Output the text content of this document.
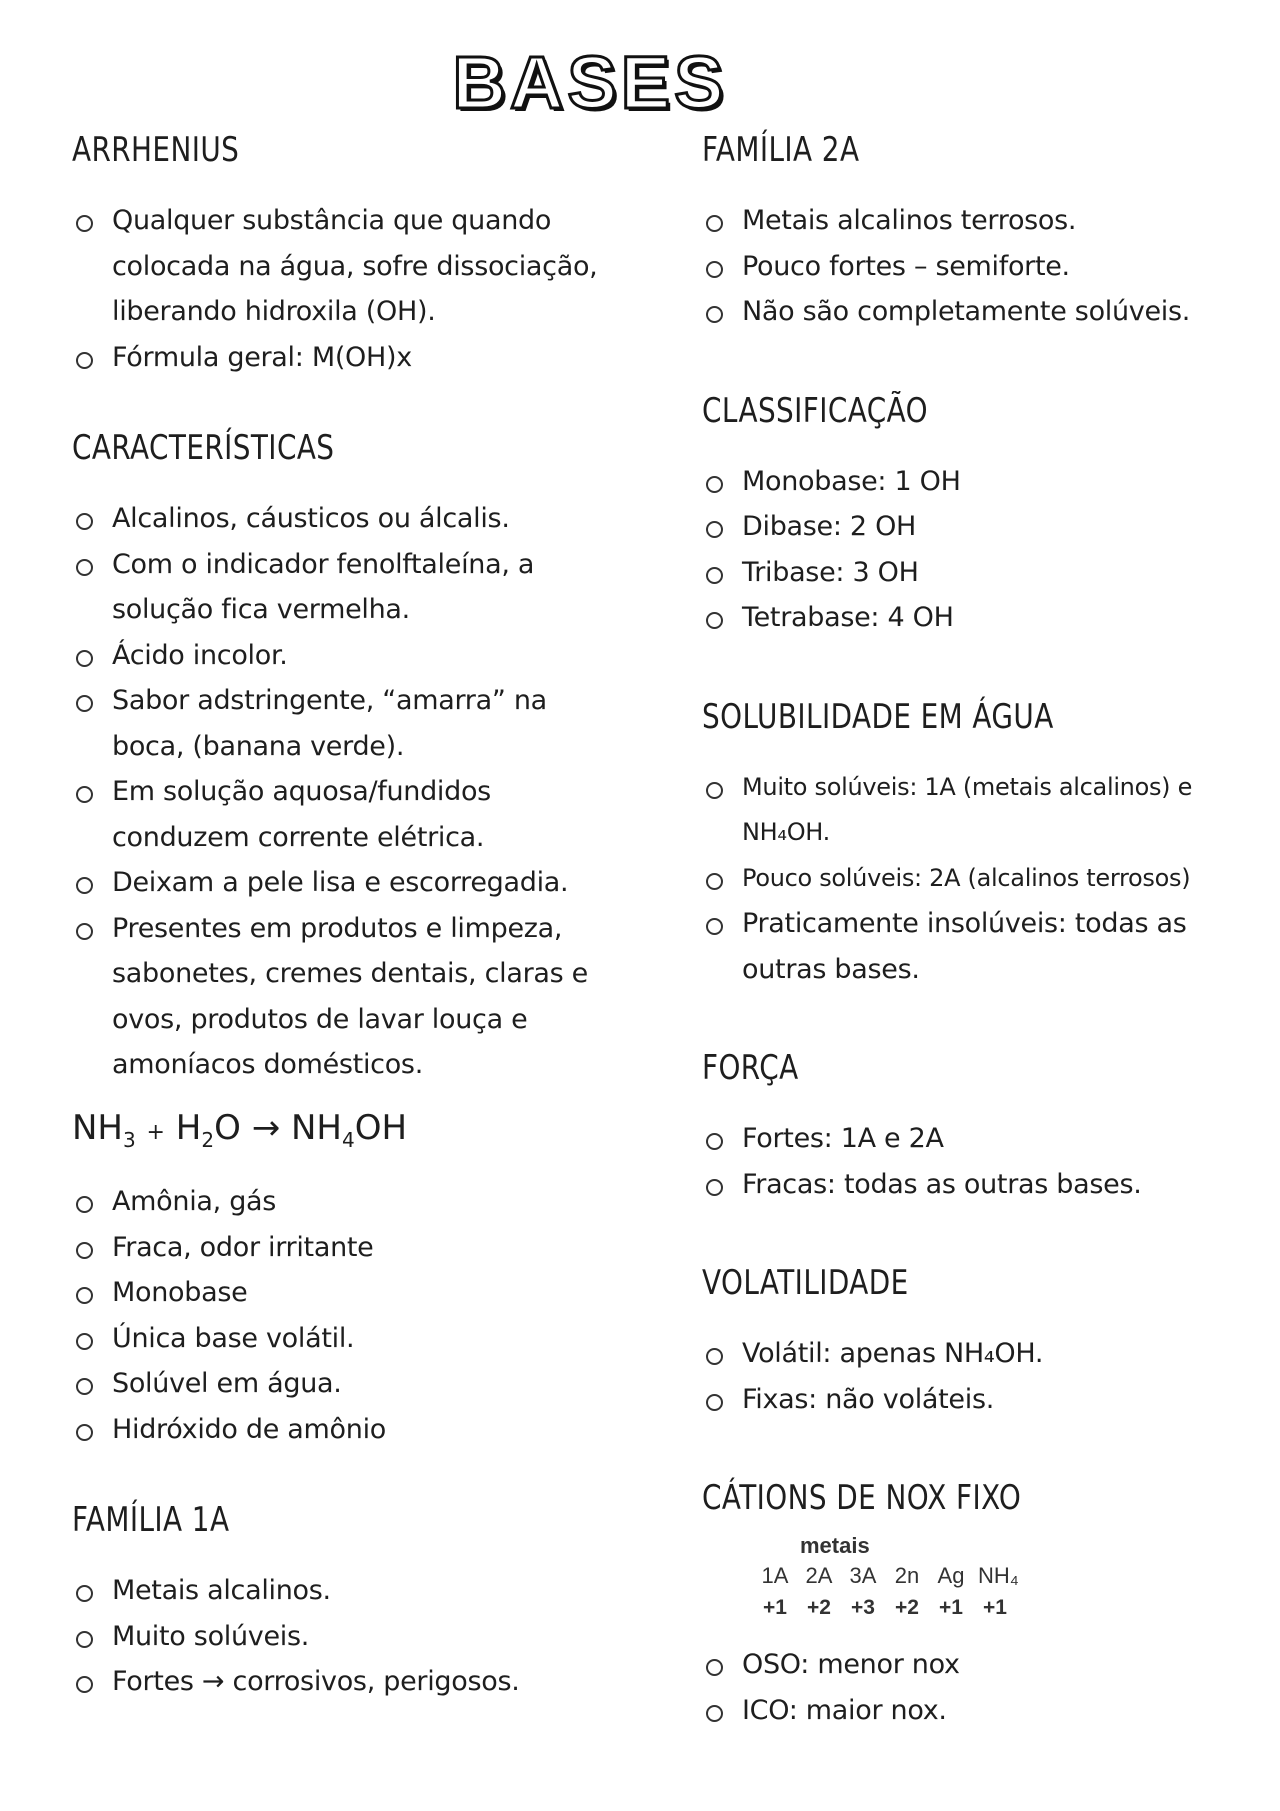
BASES
ARRHENIUS
Qualquer substância que quando colocada na água, sofre dissociação, liberando hidroxila (OH).
Fórmula geral: M(OH)x
CARACTERÍSTICAS
Alcalinos, cáusticos ou álcalis.
Com o indicador fenolftaleína, a solução fica vermelha.
Ácido incolor.
Sabor adstringente, “amarra” na boca, (banana verde).
Em solução aquosa/fundidos conduzem corrente elétrica.
Deixam a pele lisa e escorregadia.
Presentes em produtos e limpeza, sabonetes, cremes dentais, claras e ovos, produtos de lavar louça e amoníacos domésticos.
$NH_3 + H_2O \to NH_4OH$
Amônia, gás
Fraca, odor irritante
Monobase
Única base volátil.
Solúvel em água.
Hidróxido de amônio
FAMÍLIA 1A
Metais alcalinos.
Muito solúveis.
Fortes → corrosivos, perigosos.
FAMÍLIA 2A
Metais alcalinos terrosos.
Pouco fortes – semiforte.
Não são completamente solúveis.
CLASSIFICAÇÃO
Monobase: 1 OH
Dibase: 2 OH
Tribase: 3 OH
Tetrabase: 4 OH
SOLUBILIDADE EM ÁGUA
Muito solúveis: 1A (metais alcalinos) e NH₄OH.
Pouco solúveis: 2A (alcalinos terrosos)
Praticamente insolúveis: todas as outras bases.
FORÇA
Fortes: 1A e 2A
Fracas: todas as outras bases.
VOLATILIDADE
Volátil: apenas NH₄OH.
Fixas: não voláteis.
CÁTIONS DE NOX FIXO
metais
1A 2A 3A 2n Ag NH₄
+1 +2 +3 +2 +1 +1
OSO: menor nox
ICO: maior nox.
